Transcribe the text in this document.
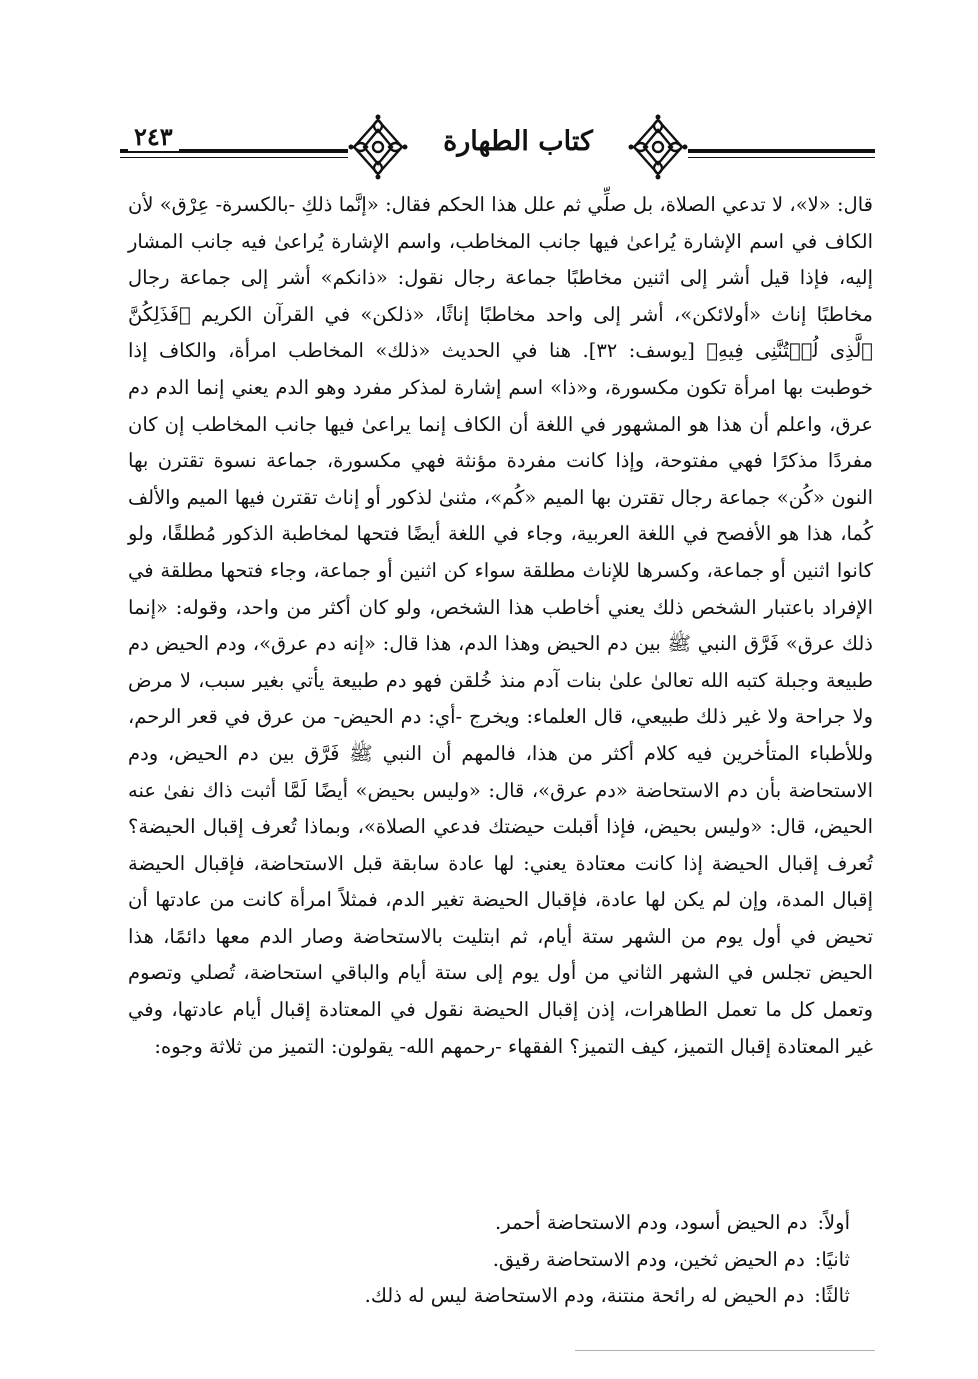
٢٤٣	كتاب الطهارة

قال: «لا»، لا تدعي الصلاة، بل صلِّي ثم علل هذا الحكم فقال: «إنَّما ذلكِ -بالكسرة- عِرْق» لأن الكاف في اسم الإشارة يُراعىٰ فيها جانب المخاطب، واسم الإشارة يُراعىٰ فيه جانب المشار إليه، فإذا قيل أشر إلى اثنين مخاطبًا جماعة رجال نقول: «ذانكم» أشر إلى جماعة رجال مخاطبًا إناث «أولائكن»، أشر إلى واحد مخاطبًا إناثًا، «ذلكن» في القرآن الكريم ﴿فَذَلِكُنَّ ٱلَّذِى لُمۡتُنَّنِى فِيهِ﴾ [يوسف: ٣٢]. هنا في الحديث «ذلك» المخاطب امرأة، والكاف إذا خوطبت بها امرأة تكون مكسورة، و«ذا» اسم إشارة لمذكر مفرد وهو الدم يعني إنما الدم دم عرق، واعلم أن هذا هو المشهور في اللغة أن الكاف إنما يراعىٰ فيها جانب المخاطب إن كان مفردًا مذكرًا فهي مفتوحة، وإذا كانت مفردة مؤنثة فهي مكسورة، جماعة نسوة تقترن بها النون «كُن» جماعة رجال تقترن بها الميم «كُم»، مثنىٰ لذكور أو إناث تقترن فيها الميم والألف كُما، هذا هو الأفصح في اللغة العربية، وجاء في اللغة أيضًا فتحها لمخاطبة الذكور مُطلقًا، ولو كانوا اثنين أو جماعة، وكسرها للإناث مطلقة سواء كن اثنين أو جماعة، وجاء فتحها مطلقة في الإفراد باعتبار الشخص ذلك يعني أخاطب هذا الشخص، ولو كان أكثر من واحد، وقوله: «إنما ذلك عرق» فَرَّق النبي ﷺ بين دم الحيض وهذا الدم، هذا قال: «إنه دم عرق»، ودم الحيض دم طبيعة وجبلة كتبه الله تعالىٰ علىٰ بنات آدم منذ خُلقن فهو دم طبيعة يأتي بغير سبب، لا مرض ولا جراحة ولا غير ذلك طبيعي، قال العلماء: ويخرج -أي: دم الحيض- من عرق في قعر الرحم، وللأطباء المتأخرين فيه كلام أكثر من هذا، فالمهم أن النبي ﷺ فَرَّق بين دم الحيض، ودم الاستحاضة بأن دم الاستحاضة «دم عرق»، قال: «وليس بحيض» أيضًا لَمَّا أثبت ذاك نفىٰ عنه الحيض، قال: «وليس بحيض، فإذا أقبلت حيضتك فدعي الصلاة»، وبماذا تُعرف إقبال الحيضة؟ تُعرف إقبال الحيضة إذا كانت معتادة يعني: لها عادة سابقة قبل الاستحاضة، فإقبال الحيضة إقبال المدة، وإن لم يكن لها عادة، فإقبال الحيضة تغير الدم، فمثلاً امرأة كانت من عادتها أن تحيض في أول يوم من الشهر ستة أيام، ثم ابتليت بالاستحاضة وصار الدم معها دائمًا، هذا الحيض تجلس في الشهر الثاني من أول يوم إلى ستة أيام والباقي استحاضة، تُصلي وتصوم وتعمل كل ما تعمل الطاهرات، إذن إقبال الحيضة نقول في المعتادة إقبال أيام عادتها، وفي غير المعتادة إقبال التميز، كيف التميز؟ الفقهاء -رحمهم الله- يقولون: التميز من ثلاثة وجوه:

أولاً:دم الحيض أسود، ودم الاستحاضة أحمر.
ثانيًا:دم الحيض ثخين، ودم الاستحاضة رقيق.
ثالثًا:دم الحيض له رائحة منتنة، ودم الاستحاضة ليس له ذلك.
